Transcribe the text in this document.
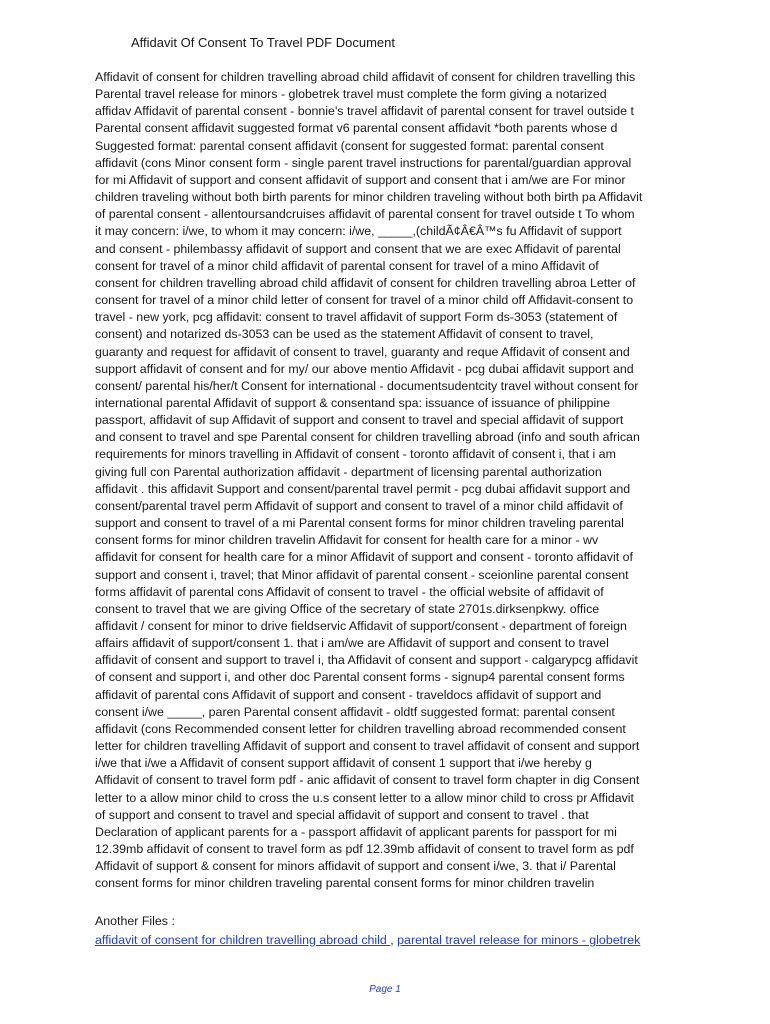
Affidavit Of Consent To Travel PDF Document
Affidavit of consent for children travelling abroad child affidavit of consent for children travelling this
Parental travel release for minors - globetrek travel must complete the form giving a notarized
affidav Affidavit of parental consent - bonnie's travel affidavit of parental consent for travel outside t
Parental consent affidavit suggested format v6 parental consent affidavit *both parents whose d
Suggested format: parental consent affidavit (consent for suggested format: parental consent
affidavit (cons Minor consent form - single parent travel instructions for parental/guardian approval
for mi Affidavit of support and consent affidavit of support and consent that i am/we are For minor
children traveling without both birth parents for minor children traveling without both birth pa Affidavit
of parental consent - allentoursandcruises affidavit of parental consent for travel outside t To whom
it may concern: i/we, to whom it may concern: i/we, _____,(childÃ¢Â€Â™s fu Affidavit of support
and consent - philembassy affidavit of support and consent that we are exec Affidavit of parental
consent for travel of a minor child affidavit of parental consent for travel of a mino Affidavit of
consent for children travelling abroad child affidavit of consent for children travelling abroa Letter of
consent for travel of a minor child letter of consent for travel of a minor child off Affidavit-consent to
travel - new york, pcg affidavit: consent to travel affidavit of support Form ds-3053 (statement of
consent) and notarized ds-3053 can be used as the statement Affidavit of consent to travel,
guaranty and request for affidavit of consent to travel, guaranty and reque Affidavit of consent and
support affidavit of consent and for my/ our above mentio Affidavit - pcg dubai affidavit support and
consent/ parental his/her/t Consent for international - documentsudentcity travel without consent for
international parental Affidavit of support & consentand spa: issuance of issuance of philippine
passport, affidavit of sup Affidavit of support and consent to travel and special affidavit of support
and consent to travel and spe Parental consent for children travelling abroad (info and south african
requirements for minors travelling in Affidavit of consent - toronto affidavit of consent i, that i am
giving full con Parental authorization affidavit - department of licensing parental authorization
affidavit . this affidavit Support and consent/parental travel permit - pcg dubai affidavit support and
consent/parental travel perm Affidavit of support and consent to travel of a minor child affidavit of
support and consent to travel of a mi Parental consent forms for minor children traveling parental
consent forms for minor children travelin Affidavit for consent for health care for a minor - wv
affidavit for consent for health care for a minor Affidavit of support and consent - toronto affidavit of
support and consent i, travel; that Minor affidavit of parental consent - sceionline parental consent
forms affidavit of parental cons Affidavit of consent to travel - the official website of affidavit of
consent to travel that we are giving Office of the secretary of state 2701s.dirksenpkwy. office
affidavit / consent for minor to drive fieldservic Affidavit of support/consent - department of foreign
affairs affidavit of support/consent 1. that i am/we are Affidavit of support and consent to travel
affidavit of consent and support to travel i, tha Affidavit of consent and support - calgarypcg affidavit
of consent and support i, and other doc Parental consent forms - signup4 parental consent forms
affidavit of parental cons Affidavit of support and consent - traveldocs affidavit of support and
consent i/we _____, paren Parental consent affidavit - oldtf suggested format: parental consent
affidavit (cons Recommended consent letter for children travelling abroad recommended consent
letter for children travelling Affidavit of support and consent to travel affidavit of consent and support
i/we that i/we a Affidavit of consent support affidavit of consent 1 support that i/we hereby g
Affidavit of consent to travel form pdf - anic affidavit of consent to travel form chapter in dig Consent
letter to a allow minor child to cross the u.s consent letter to a allow minor child to cross pr Affidavit
of support and consent to travel and special affidavit of support and consent to travel . that
Declaration of applicant parents for a - passport affidavit of applicant parents for passport for mi
12.39mb affidavit of consent to travel form as pdf 12.39mb affidavit of consent to travel form as pdf
Affidavit of support & consent for minors affidavit of support and consent i/we, 3. that i/ Parental
consent forms for minor children traveling parental consent forms for minor children travelin
Another Files :
affidavit of consent for children travelling abroad child , parental travel release for minors - globetrek
Page 1
